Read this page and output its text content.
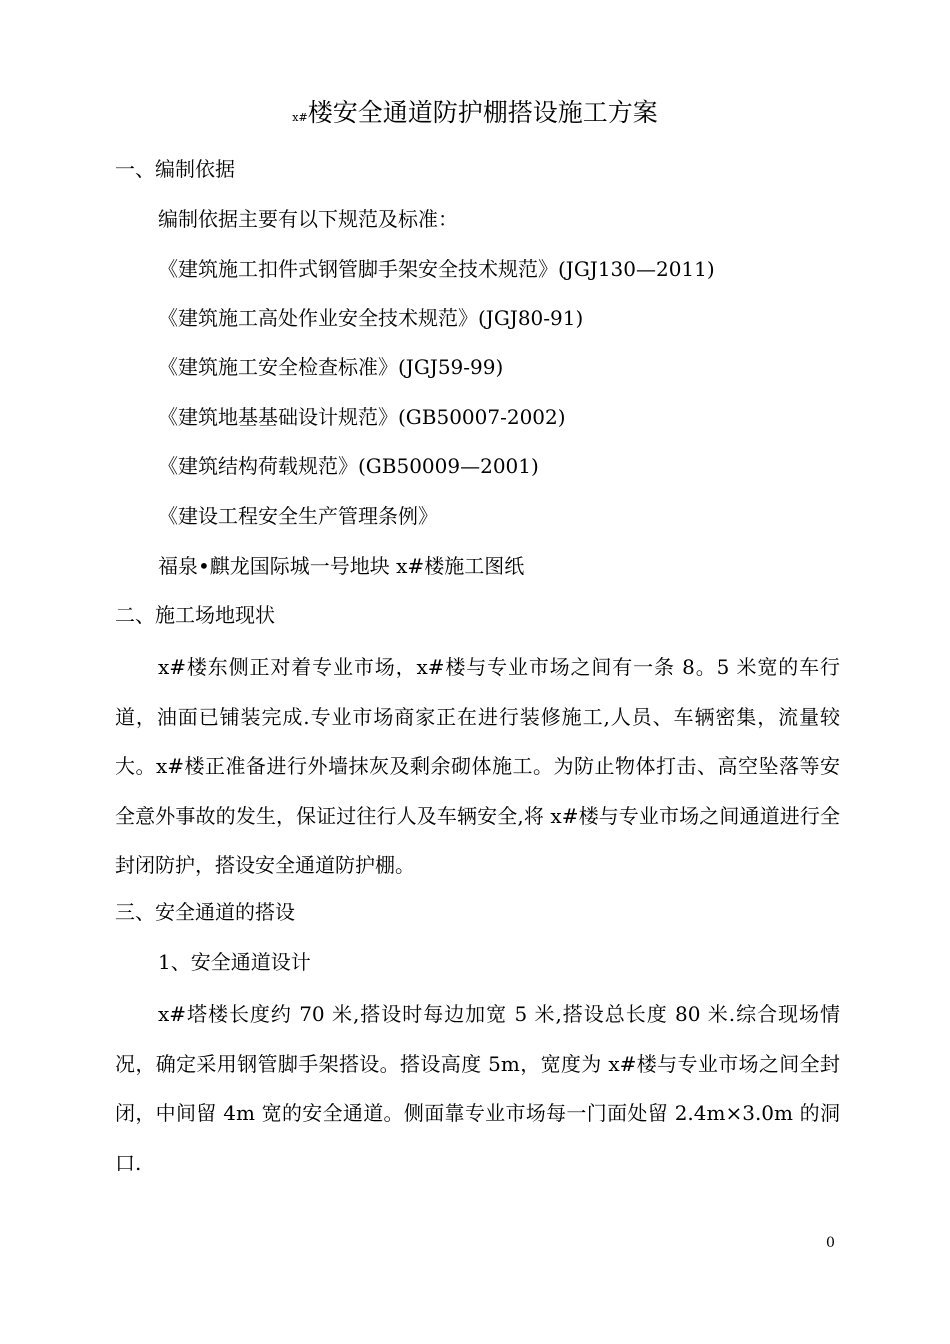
x#楼安全通道防护棚搭设施工方案
一、编制依据
编制依据主要有以下规范及标准：
《建筑施工扣件式钢管脚手架安全技术规范》(JGJ130—2011)
《建筑施工高处作业安全技术规范》(JGJ80-91)
《建筑施工安全检查标准》(JGJ59-99)
《建筑地基基础设计规范》(GB50007-2002)
《建筑结构荷载规范》(GB50009—2001)
《建设工程安全生产管理条例》
福泉•麒龙国际城一号地块 x#楼施工图纸
二、施工场地现状
x#楼东侧正对着专业市场，x#楼与专业市场之间有一条 8。5 米宽的车行道，油面已铺装完成.专业市场商家正在进行装修施工,人员、车辆密集，流量较大。x#楼正准备进行外墙抹灰及剩余砌体施工。为防止物体打击、高空坠落等安全意外事故的发生，保证过往行人及车辆安全,将 x#楼与专业市场之间通道进行全封闭防护，搭设安全通道防护棚。
三、安全通道的搭设
1、安全通道设计
x#塔楼长度约 70 米,搭设时每边加宽 5 米,搭设总长度 80 米.综合现场情况，确定采用钢管脚手架搭设。搭设高度 5m，宽度为 x#楼与专业市场之间全封闭，中间留 4m 宽的安全通道。侧面靠专业市场每一门面处留 2.4m×3.0m 的洞口.
0
